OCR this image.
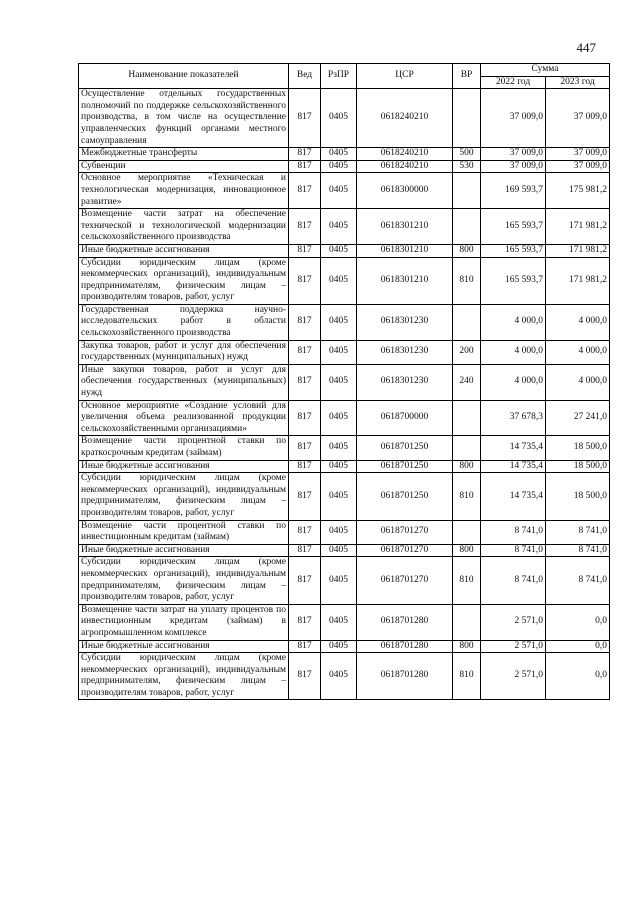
447
Наименование показателей	Вед	РзПР	ЦСР	ВР	Сумма	
					2022 год	2023 год
Осуществление отдельных государственных полномочий по поддержке сельскохозяйственного производства, в том числе на осуществление управленческих функций органами местного самоуправления	817	0405	0618240210		37 009,0	37 009,0
Межбюджетные трансферты	817	0405	0618240210	500	37 009,0	37 009,0
Субвенции	817	0405	0618240210	530	37 009,0	37 009,0
Основное мероприятие «Техническая и технологическая модернизация, инновационное развитие»	817	0405	0618300000		169 593,7	175 981,2
Возмещение части затрат на обеспечение технической и технологической модернизации сельскохозяйственного производства	817	0405	0618301210		165 593,7	171 981,2
Иные бюджетные ассигнования	817	0405	0618301210	800	165 593,7	171 981,2
Субсидии юридическим лицам (кроме некоммерческих организаций), индивидуальным предпринимателям, физическим лицам – производителям товаров, работ, услуг	817	0405	0618301210	810	165 593,7	171 981,2
Государственная поддержка научно-исследовательских работ в области сельскохозяйственного производства	817	0405	0618301230		4 000,0	4 000,0
Закупка товаров, работ и услуг для обеспечения государственных (муниципальных) нужд	817	0405	0618301230	200	4 000,0	4 000,0
Иные закупки товаров, работ и услуг для обеспечения государственных (муниципальных) нужд	817	0405	0618301230	240	4 000,0	4 000,0
Основное мероприятие «Создание условий для увеличения объема реализованной продукции сельскохозяйственными организациями»	817	0405	0618700000		37 678,3	27 241,0
Возмещение части процентной ставки по краткосрочным кредитам (займам)	817	0405	0618701250		14 735,4	18 500,0
Иные бюджетные ассигнования	817	0405	0618701250	800	14 735,4	18 500,0
Субсидии юридическим лицам (кроме некоммерческих организаций), индивидуальным предпринимателям, физическим лицам – производителям товаров, работ, услуг	817	0405	0618701250	810	14 735,4	18 500,0
Возмещение части процентной ставки по инвестиционным кредитам (займам)	817	0405	0618701270		8 741,0	8 741,0
Иные бюджетные ассигнования	817	0405	0618701270	800	8 741,0	8 741,0
Субсидии юридическим лицам (кроме некоммерческих организаций), индивидуальным предпринимателям, физическим лицам – производителям товаров, работ, услуг	817	0405	0618701270	810	8 741,0	8 741,0
Возмещение части затрат на уплату процентов по инвестиционным кредитам (займам) в агропромышленном комплексе	817	0405	0618701280		2 571,0	0,0
Иные бюджетные ассигнования	817	0405	0618701280	800	2 571,0	0,0
Субсидии юридическим лицам (кроме некоммерческих организаций), индивидуальным предпринимателям, физическим лицам – производителям товаров, работ, услуг	817	0405	0618701280	810	2 571,0	0,0
